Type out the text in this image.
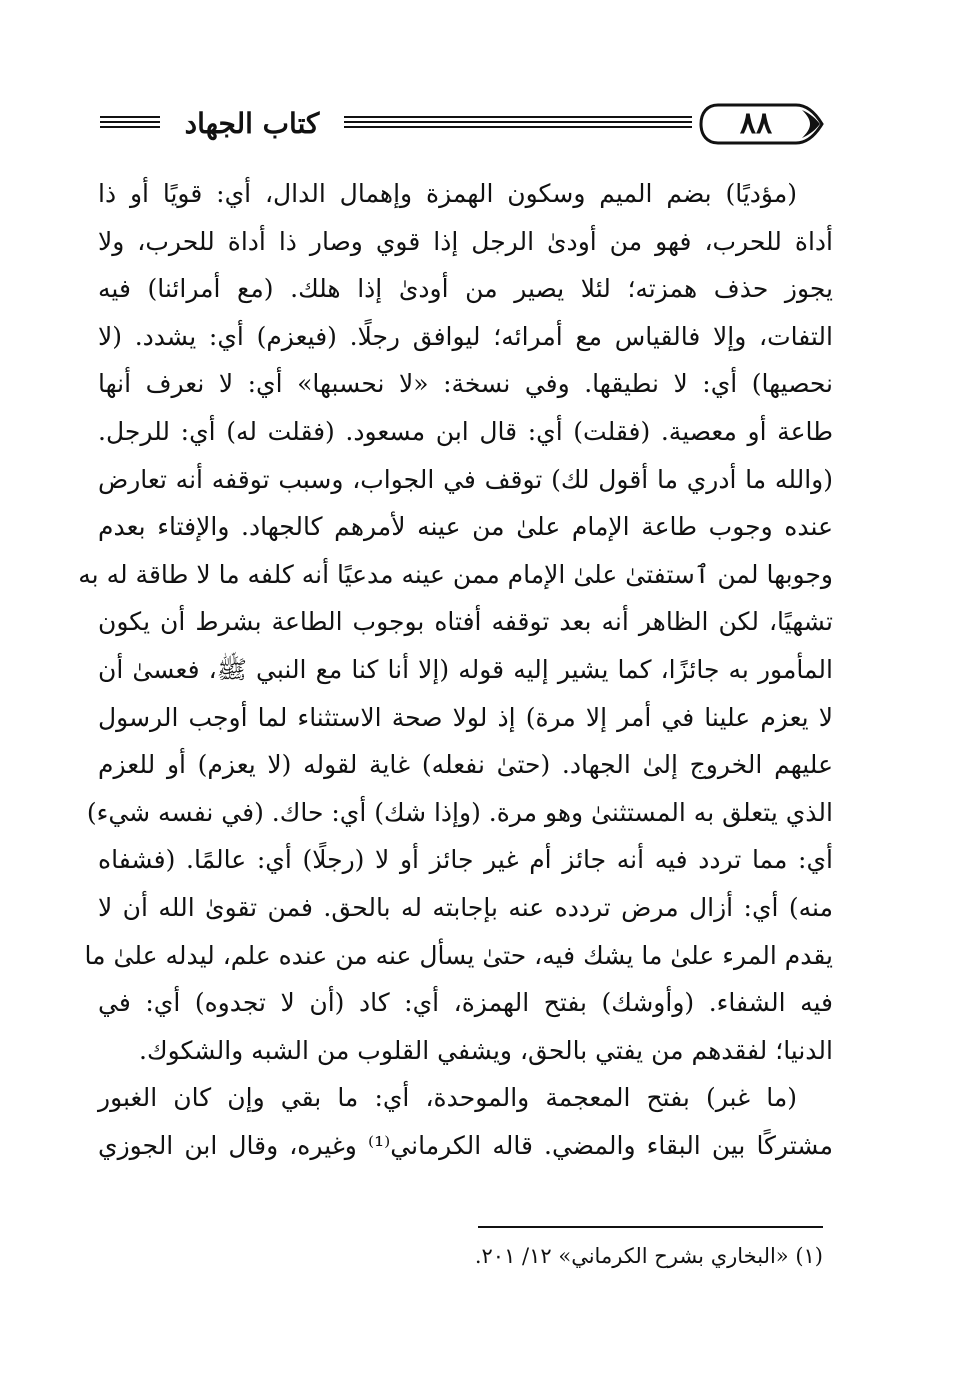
كتاب الجهاد	٨٨
(مؤديًا) بضم الميم وسكون الهمزة وإهمال الدال، أي: قويًا أو ذا
أداة للحرب، فهو من أودىٰ الرجل إذا قوي وصار ذا أداة للحرب، ولا
يجوز حذف همزته؛ لئلا يصير من أودىٰ إذا هلك. (مع أمرائنا) فيه
التفات، وإلا فالقياس مع أمرائه؛ ليوافق رجلًا. (فيعزم) أي: يشدد. (لا
نحصيها) أي: لا نطيقها. وفي نسخة: «لا نحسبها» أي: لا نعرف أنها
طاعة أو معصية. (فقلت) أي: قال ابن مسعود. (فقلت له) أي: للرجل.
(والله ما أدري ما أقول لك) توقف في الجواب، وسبب توقفه أنه تعارض
عنده وجوب طاعة الإمام علىٰ من عينه لأمرهم كالجهاد. والإفتاء بعدم
وجوبها لمن ٱستفتىٰ علىٰ الإمام ممن عينه مدعيًا أنه كلفه ما لا طاقة له به
تشهيًا، لكن الظاهر أنه بعد توقفه أفتاه بوجوب الطاعة بشرط أن يكون
المأمور به جائزًا، كما يشير إليه قوله (إلا أنا كنا مع النبي ﷺ، فعسىٰ أن
لا يعزم علينا في أمر إلا مرة) إذ لولا صحة الاستثناء لما أوجب الرسول
عليهم الخروج إلىٰ الجهاد. (حتىٰ نفعله) غاية لقوله (لا يعزم) أو للعزم
الذي يتعلق به المستثنىٰ وهو مرة. (وإذا شك) أي: حاك. (في نفسه شيء)
أي: مما تردد فيه أنه جائز أم غير جائز أو لا (رجلًا) أي: عالمًا. (فشفاه
منه) أي: أزال مرض تردده عنه بإجابته له بالحق. فمن تقوىٰ الله أن لا
يقدم المرء علىٰ ما يشك فيه، حتىٰ يسأل عنه من عنده علم، ليدله علىٰ ما
فيه الشفاء. (وأوشك) بفتح الهمزة، أي: كاد (أن لا تجدوه) أي: في
الدنيا؛ لفقدهم من يفتي بالحق، ويشفي القلوب من الشبه والشكوك.
(ما غبر) بفتح المعجمة والموحدة، أي: ما بقي وإن كان الغبور
مشتركًا بين البقاء والمضي. قاله الكرماني⁽¹⁾ وغيره، وقال ابن الجوزي
(١) «البخاري بشرح الكرماني» ١٢/ ٢٠١.
